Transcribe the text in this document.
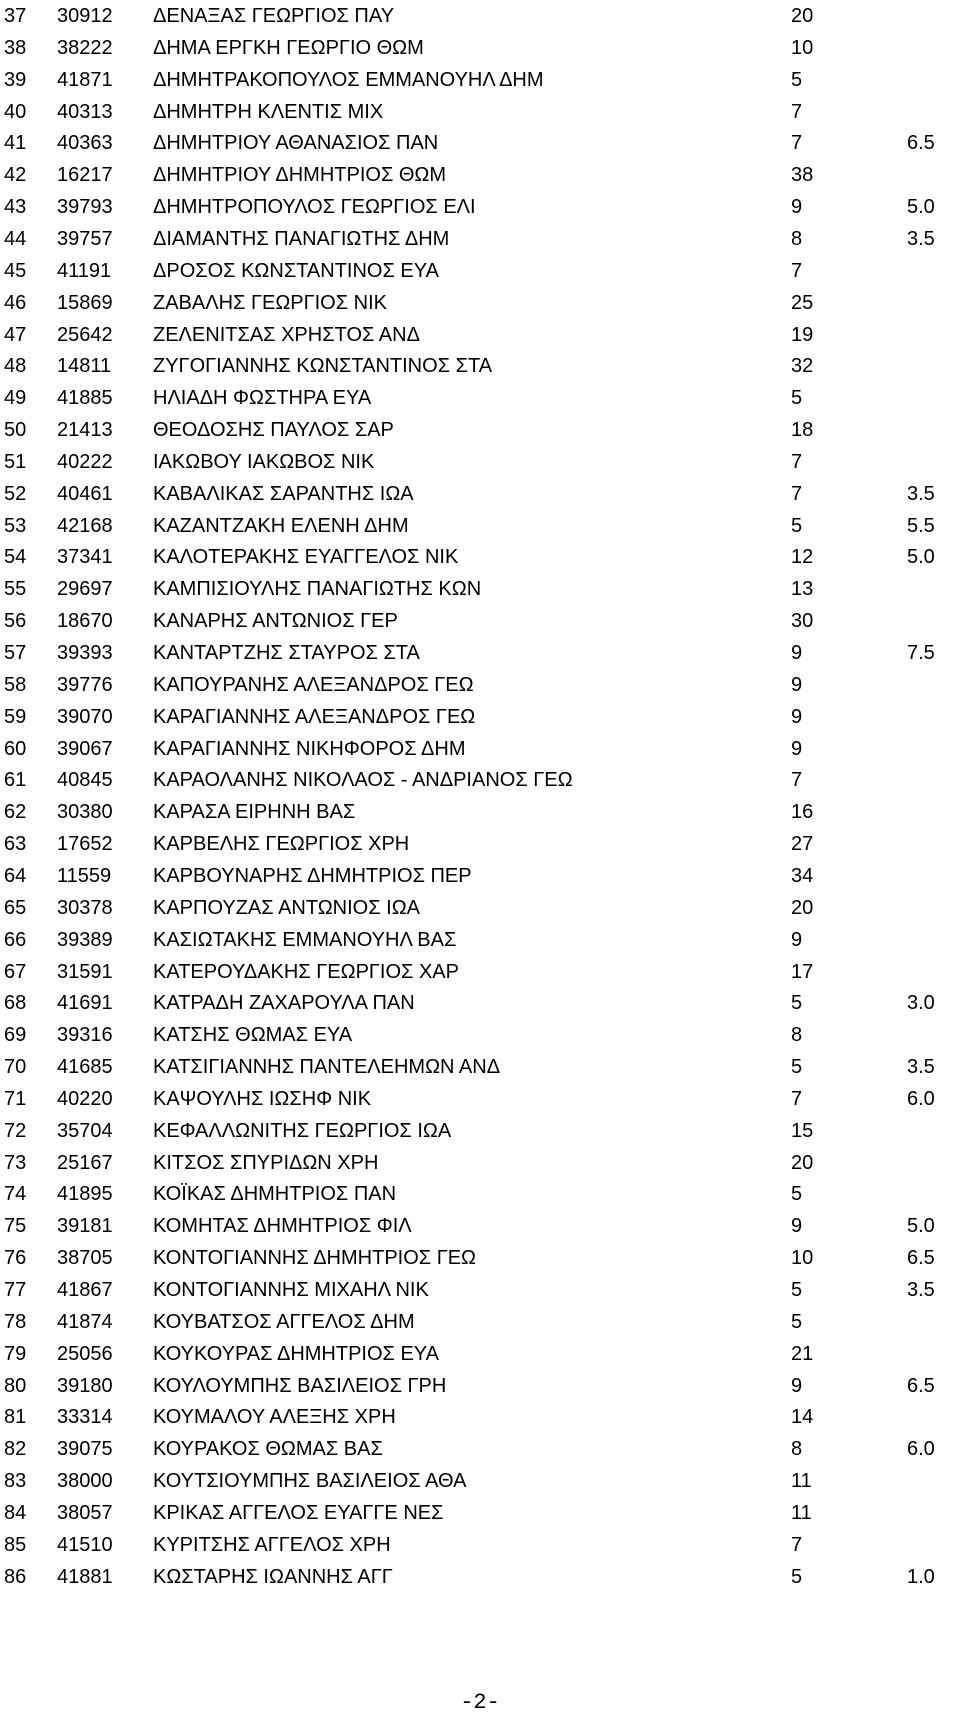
37 30912 ΔΕΝΑΞΑΣ ΓΕΩΡΓΙΟΣ ΠΑΥ	20
38 38222 ΔΗΜΑ ΕΡΓΚΗ ΓΕΩΡΓΙΟ ΘΩΜ	10
39 41871 ΔΗΜΗΤΡΑΚΟΠΟΥΛΟΣ ΕΜΜΑΝΟΥΗΛ ΔΗΜ	5
40 40313 ΔΗΜΗΤΡΗ ΚΛΕΝΤΙΣ ΜΙΧ	7
41 40363 ΔΗΜΗΤΡΙΟΥ ΑΘΑΝΑΣΙΟΣ ΠΑΝ	7	6.5
42 16217 ΔΗΜΗΤΡΙΟΥ ΔΗΜΗΤΡΙΟΣ ΘΩΜ	38
43 39793 ΔΗΜΗΤΡΟΠΟΥΛΟΣ ΓΕΩΡΓΙΟΣ ΕΛΙ	9	5.0
44 39757 ΔΙΑΜΑΝΤΗΣ ΠΑΝΑΓΙΩΤΗΣ ΔΗΜ	8	3.5
45 41191 ΔΡΟΣΟΣ ΚΩΝΣΤΑΝΤΙΝΟΣ ΕΥΑ	7
46 15869 ΖΑΒΑΛΗΣ ΓΕΩΡΓΙΟΣ ΝΙΚ	25
47 25642 ΖΕΛΕΝΙΤΣΑΣ ΧΡΗΣΤΟΣ ΑΝΔ	19
48 14811 ΖΥΓΟΓΙΑΝΝΗΣ ΚΩΝΣΤΑΝΤΙΝΟΣ ΣΤΑ	32
49 41885 ΗΛΙΑΔΗ ΦΩΣΤΗΡΑ ΕΥΑ	5
50 21413 ΘΕΟΔΟΣΗΣ ΠΑΥΛΟΣ ΣΑΡ	18
51 40222 ΙΑΚΩΒΟΥ ΙΑΚΩΒΟΣ ΝΙΚ	7
52 40461 ΚΑΒΑΛΙΚΑΣ ΣΑΡΑΝΤΗΣ ΙΩΑ	7	3.5
53 42168 ΚΑΖΑΝΤΖΑΚΗ ΕΛΕΝΗ ΔΗΜ	5	5.5
54 37341 ΚΑΛΟΤΕΡΑΚΗΣ ΕΥΑΓΓΕΛΟΣ ΝΙΚ	12	5.0
55 29697 ΚΑΜΠΙΣΙΟΥΛΗΣ ΠΑΝΑΓΙΩΤΗΣ ΚΩΝ	13
56 18670 ΚΑΝΑΡΗΣ ΑΝΤΩΝΙΟΣ ΓΕΡ	30
57 39393 ΚΑΝΤΑΡΤΖΗΣ ΣΤΑΥΡΟΣ ΣΤΑ	9	7.5
58 39776 ΚΑΠΟΥΡΑΝΗΣ ΑΛΕΞΑΝΔΡΟΣ ΓΕΩ	9
59 39070 ΚΑΡΑΓΙΑΝΝΗΣ ΑΛΕΞΑΝΔΡΟΣ ΓΕΩ	9
60 39067 ΚΑΡΑΓΙΑΝΝΗΣ ΝΙΚΗΦΟΡΟΣ ΔΗΜ	9
61 40845 ΚΑΡΑΟΛΑΝΗΣ ΝΙΚΟΛΑΟΣ - ΑΝΔΡΙΑΝΟΣ ΓΕΩ	7
62 30380 ΚΑΡΑΣΑ ΕΙΡΗΝΗ ΒΑΣ	16
63 17652 ΚΑΡΒΕΛΗΣ ΓΕΩΡΓΙΟΣ ΧΡΗ	27
64 11559 ΚΑΡΒΟΥΝΑΡΗΣ ΔΗΜΗΤΡΙΟΣ ΠΕΡ	34
65 30378 ΚΑΡΠΟΥΖΑΣ ΑΝΤΩΝΙΟΣ ΙΩΑ	20
66 39389 ΚΑΣΙΩΤΑΚΗΣ ΕΜΜΑΝΟΥΗΛ ΒΑΣ	9
67 31591 ΚΑΤΕΡΟΥΔΑΚΗΣ ΓΕΩΡΓΙΟΣ ΧΑΡ	17
68 41691 ΚΑΤΡΑΔΗ ΖΑΧΑΡΟΥΛΑ ΠΑΝ	5	3.0
69 39316 ΚΑΤΣΗΣ ΘΩΜΑΣ ΕΥΑ	8
70 41685 ΚΑΤΣΙΓΙΑΝΝΗΣ ΠΑΝΤΕΛΕΗΜΩΝ ΑΝΔ	5	3.5
71 40220 ΚΑΨΟΥΛΗΣ ΙΩΣΗΦ ΝΙΚ	7	6.0
72 35704 ΚΕΦΑΛΛΩΝΙΤΗΣ ΓΕΩΡΓΙΟΣ ΙΩΑ	15
73 25167 ΚΙΤΣΟΣ ΣΠΥΡΙΔΩΝ ΧΡΗ	20
74 41895 ΚΟΪΚΑΣ ΔΗΜΗΤΡΙΟΣ ΠΑΝ	5
75 39181 ΚΟΜΗΤΑΣ ΔΗΜΗΤΡΙΟΣ ΦΙΛ	9	5.0
76 38705 ΚΟΝΤΟΓΙΑΝΝΗΣ ΔΗΜΗΤΡΙΟΣ ΓΕΩ	10	6.5
77 41867 ΚΟΝΤΟΓΙΑΝΝΗΣ ΜΙΧΑΗΛ ΝΙΚ	5	3.5
78 41874 ΚΟΥΒΑΤΣΟΣ ΑΓΓΕΛΟΣ ΔΗΜ	5
79 25056 ΚΟΥΚΟΥΡΑΣ ΔΗΜΗΤΡΙΟΣ ΕΥΑ	21
80 39180 ΚΟΥΛΟΥΜΠΗΣ ΒΑΣΙΛΕΙΟΣ ΓΡΗ	9	6.5
81 33314 ΚΟΥΜΑΛΟΥ ΑΛΕΞΗΣ ΧΡΗ	14
82 39075 ΚΟΥΡΑΚΟΣ ΘΩΜΑΣ ΒΑΣ	8	6.0
83 38000 ΚΟΥΤΣΙΟΥΜΠΗΣ ΒΑΣΙΛΕΙΟΣ ΑΘΑ	11
84 38057 ΚΡΙΚΑΣ ΑΓΓΕΛΟΣ ΕΥΑΓΓΕ ΝΕΣ	11
85 41510 ΚΥΡΙΤΣΗΣ ΑΓΓΕΛΟΣ ΧΡΗ	7
86 41881 ΚΩΣΤΑΡΗΣ ΙΩΑΝΝΗΣ ΑΓΓ	5	1.0
-2-
